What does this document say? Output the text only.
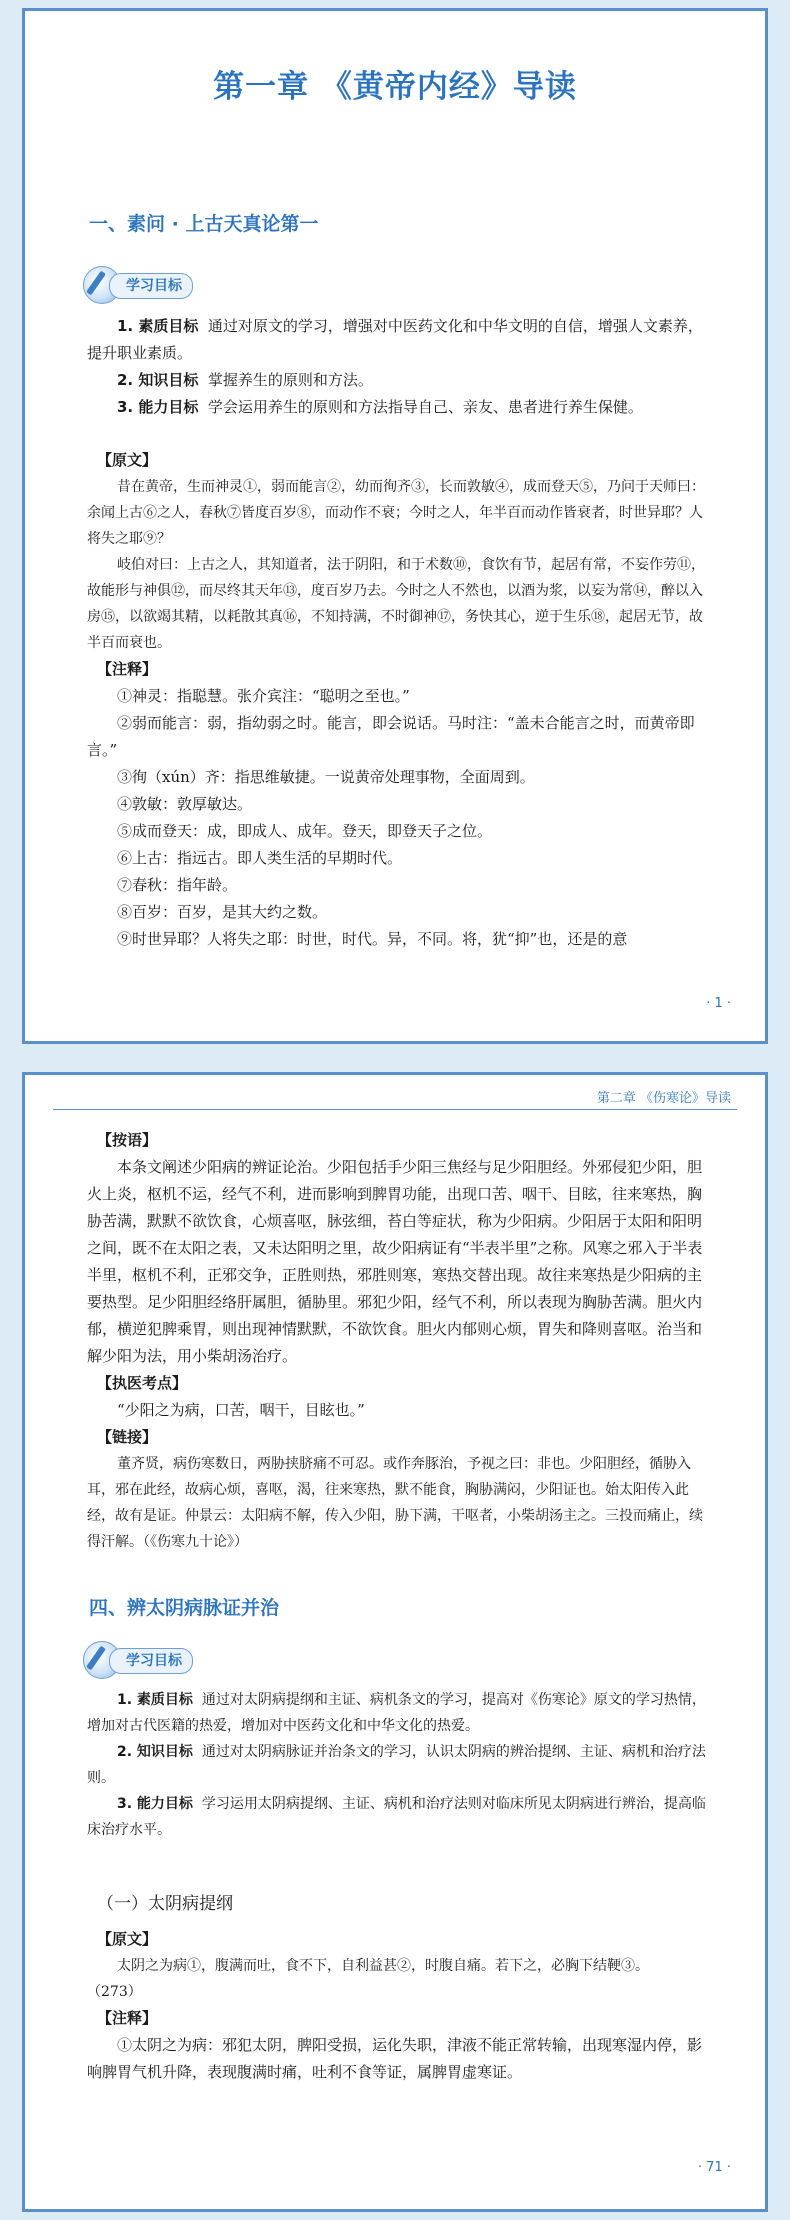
第一章 《黄帝内经》导读
一、素问 · 上古天真论第一
学习目标

1. 素质目标 通过对原文的学习，增强对中医药文化和中华文明的自信，增强人文素养，提升职业素质。

2. 知识目标 掌握养生的原则和方法。

3. 能力目标 学会运用养生的原则和方法指导自己、亲友、患者进行养生保健。

【原文】

昔在黄帝，生而神灵①，弱而能言②，幼而徇齐③，长而敦敏④，成而登天⑤，乃问于天师曰：余闻上古⑥之人，春秋⑦皆度百岁⑧，而动作不衰；今时之人，年半百而动作皆衰者，时世异耶？人将失之耶⑨？

岐伯对曰：上古之人，其知道者，法于阴阳，和于术数⑩，食饮有节，起居有常，不妄作劳⑪，故能形与神俱⑫，而尽终其天年⑬，度百岁乃去。今时之人不然也，以酒为浆，以妄为常⑭，醉以入房⑮，以欲竭其精，以耗散其真⑯，不知持满，不时御神⑰，务快其心，逆于生乐⑱，起居无节，故半百而衰也。

【注释】

①神灵：指聪慧。张介宾注：“聪明之至也。”

②弱而能言：弱，指幼弱之时。能言，即会说话。马时注：“盖未合能言之时，而黄帝即言。”

③徇（xún）齐：指思维敏捷。一说黄帝处理事物，全面周到。

④敦敏：敦厚敏达。

⑤成而登天：成，即成人、成年。登天，即登天子之位。

⑥上古：指远古。即人类生活的早期时代。

⑦春秋：指年龄。

⑧百岁：百岁，是其大约之数。

⑨时世异耶？人将失之耶：时世，时代。异，不同。将，犹“抑”也，还是的意

· 1 ·
第二章 《伤寒论》导读

【按语】

本条文阐述少阳病的辨证论治。少阳包括手少阳三焦经与足少阳胆经。外邪侵犯少阳，胆火上炎，枢机不运，经气不利，进而影响到脾胃功能，出现口苦、咽干、目眩，往来寒热，胸胁苦满，默默不欲饮食，心烦喜呕，脉弦细，苔白等症状，称为少阳病。少阳居于太阳和阳明之间，既不在太阳之表，又未达阳明之里，故少阳病证有“半表半里”之称。风寒之邪入于半表半里，枢机不利，正邪交争，正胜则热，邪胜则寒，寒热交替出现。故往来寒热是少阳病的主要热型。足少阳胆经络肝属胆，循胁里。邪犯少阳，经气不利，所以表现为胸胁苦满。胆火内郁，横逆犯脾乘胃，则出现神情默默，不欲饮食。胆火内郁则心烦，胃失和降则喜呕。治当和解少阳为法，用小柴胡汤治疗。

【执医考点】

“少阳之为病，口苦，咽干，目眩也。”

【链接】

董齐贤，病伤寒数日，两胁挟脐痛不可忍。或作奔豚治，予视之曰：非也。少阳胆经，循胁入耳，邪在此经，故病心烦，喜呕，渴，往来寒热，默不能食，胸胁满闷，少阳证也。始太阳传入此经，故有是证。仲景云：太阳病不解，传入少阳，胁下满，干呕者，小柴胡汤主之。三投而痛止，续得汗解。（《伤寒九十论》）

四、辨太阴病脉证并治
学习目标

1. 素质目标 通过对太阴病提纲和主证、病机条文的学习，提高对《伤寒论》原文的学习热情，增加对古代医籍的热爱，增加对中医药文化和中华文化的热爱。

2. 知识目标 通过对太阴病脉证并治条文的学习，认识太阴病的辨治提纲、主证、病机和治疗法则。

3. 能力目标 学习运用太阴病提纲、主证、病机和治疗法则对临床所见太阴病进行辨治，提高临床治疗水平。

（一）太阴病提纲

【原文】

太阴之为病①，腹满而吐，食不下，自利益甚②，时腹自痛。若下之，必胸下结鞕③。

（273）

【注释】

①太阴之为病：邪犯太阴，脾阳受损，运化失职，津液不能正常转输，出现寒湿内停，影响脾胃气机升降，表现腹满时痛，吐利不食等证，属脾胃虚寒证。

· 71 ·
